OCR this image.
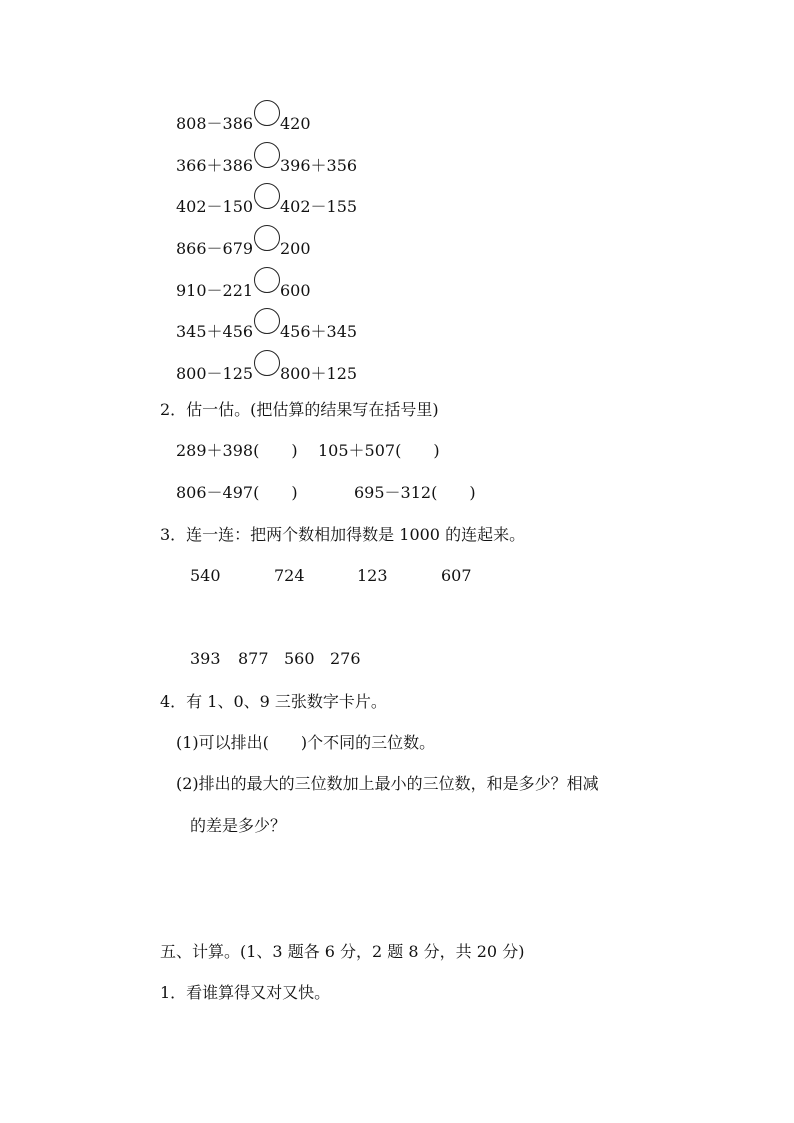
808－386 420
366＋386 396＋356
402－150 402－155
866－679 200
910－221 600
345＋456 456＋345
800－125 800＋125
2．估一估。(把估算的结果写在括号里)
289＋398(　　) 105＋507(　　)
806－497(　　)	695－312(　　)
3．连一连：把两个数相加得数是 1000 的连起来。
540	724	123	607
393 877 560 276
4．有 1、0、9 三张数字卡片。
(1)可以排出(　　)个不同的三位数。
(2)排出的最大的三位数加上最小的三位数，和是多少？相减
的差是多少？
五、计算。(1、3 题各 6 分，2 题 8 分，共 20 分)
1．看谁算得又对又快。
